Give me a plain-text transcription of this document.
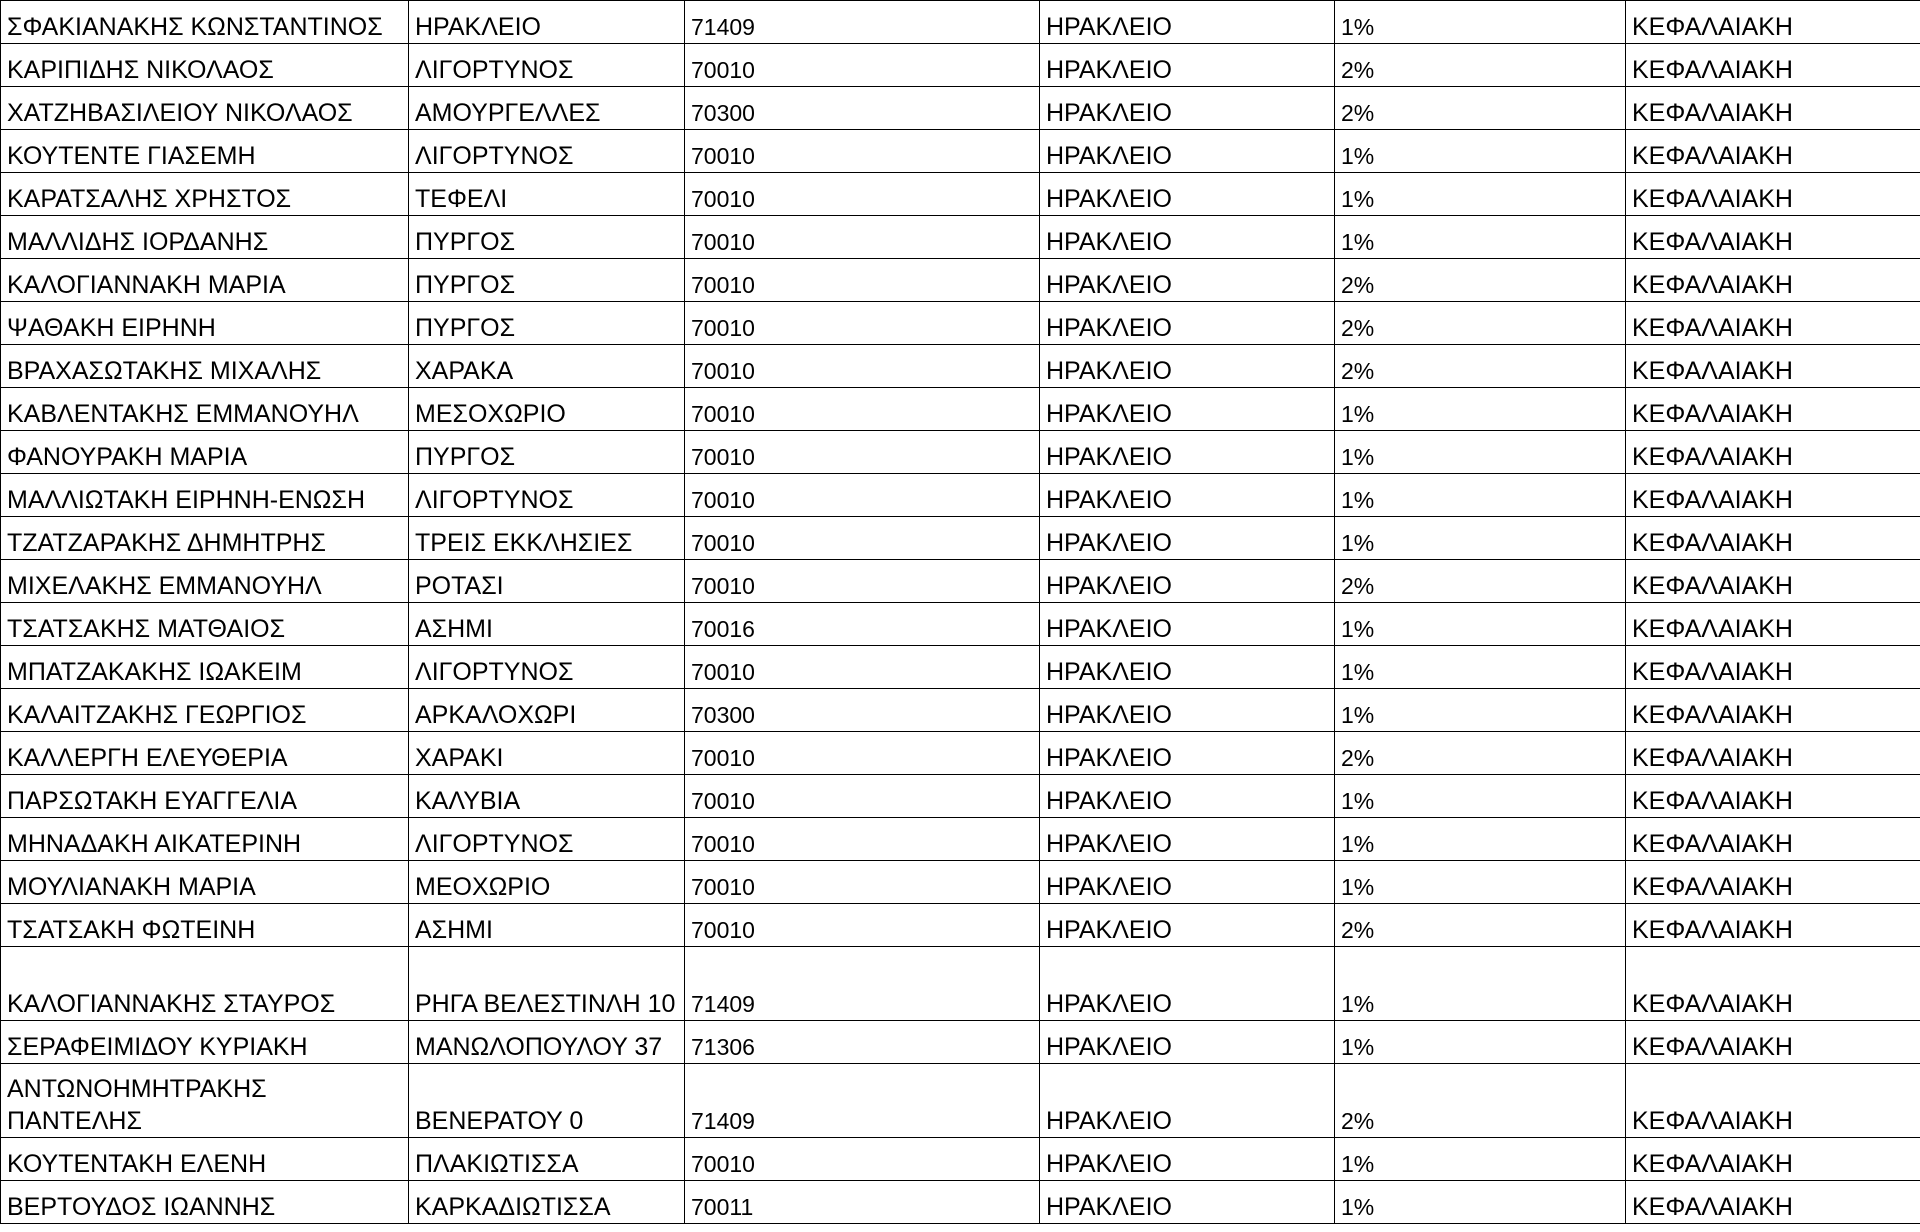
ΣΦΑΚΙΑΝΑΚΗΣ ΚΩΝΣΤΑΝΤΙΝΟΣ	ΗΡΑΚΛΕΙΟ	71409	ΗΡΑΚΛΕΙΟ	1%	ΚΕΦΑΛΑΙΑΚΗ
ΚΑΡΙΠΙΔΗΣ ΝΙΚΟΛΑΟΣ	ΛΙΓΟΡΤΥΝΟΣ	70010	ΗΡΑΚΛΕΙΟ	2%	ΚΕΦΑΛΑΙΑΚΗ
ΧΑΤΖΗΒΑΣΙΛΕΙΟΥ ΝΙΚΟΛΑΟΣ	ΑΜΟΥΡΓΕΛΛΕΣ	70300	ΗΡΑΚΛΕΙΟ	2%	ΚΕΦΑΛΑΙΑΚΗ
ΚΟΥΤΕΝΤΕ ΓΙΑΣΕΜΗ	ΛΙΓΟΡΤΥΝΟΣ	70010	ΗΡΑΚΛΕΙΟ	1%	ΚΕΦΑΛΑΙΑΚΗ
ΚΑΡΑΤΣΑΛΗΣ ΧΡΗΣΤΟΣ	ΤΕΦΕΛΙ	70010	ΗΡΑΚΛΕΙΟ	1%	ΚΕΦΑΛΑΙΑΚΗ
ΜΑΛΛΙΔΗΣ ΙΟΡΔΑΝΗΣ	ΠΥΡΓΟΣ	70010	ΗΡΑΚΛΕΙΟ	1%	ΚΕΦΑΛΑΙΑΚΗ
ΚΑΛΟΓΙΑΝΝΑΚΗ ΜΑΡΙΑ	ΠΥΡΓΟΣ	70010	ΗΡΑΚΛΕΙΟ	2%	ΚΕΦΑΛΑΙΑΚΗ
ΨΑΘΑΚΗ ΕΙΡΗΝΗ	ΠΥΡΓΟΣ	70010	ΗΡΑΚΛΕΙΟ	2%	ΚΕΦΑΛΑΙΑΚΗ
ΒΡΑΧΑΣΩΤΑΚΗΣ ΜΙΧΑΛΗΣ	ΧΑΡΑΚΑ	70010	ΗΡΑΚΛΕΙΟ	2%	ΚΕΦΑΛΑΙΑΚΗ
ΚΑΒΛΕΝΤΑΚΗΣ ΕΜΜΑΝΟΥΗΛ	ΜΕΣΟΧΩΡΙΟ	70010	ΗΡΑΚΛΕΙΟ	1%	ΚΕΦΑΛΑΙΑΚΗ
ΦΑΝΟΥΡΑΚΗ ΜΑΡΙΑ	ΠΥΡΓΟΣ	70010	ΗΡΑΚΛΕΙΟ	1%	ΚΕΦΑΛΑΙΑΚΗ
ΜΑΛΛΙΩΤΑΚΗ ΕΙΡΗΝΗ-ΕΝΩΣΗ	ΛΙΓΟΡΤΥΝΟΣ	70010	ΗΡΑΚΛΕΙΟ	1%	ΚΕΦΑΛΑΙΑΚΗ
ΤΖΑΤΖΑΡΑΚΗΣ ΔΗΜΗΤΡΗΣ	ΤΡΕΙΣ ΕΚΚΛΗΣΙΕΣ	70010	ΗΡΑΚΛΕΙΟ	1%	ΚΕΦΑΛΑΙΑΚΗ
ΜΙΧΕΛΑΚΗΣ ΕΜΜΑΝΟΥΗΛ	ΡΟΤΑΣΙ	70010	ΗΡΑΚΛΕΙΟ	2%	ΚΕΦΑΛΑΙΑΚΗ
ΤΣΑΤΣΑΚΗΣ ΜΑΤΘΑΙΟΣ	ΑΣΗΜΙ	70016	ΗΡΑΚΛΕΙΟ	1%	ΚΕΦΑΛΑΙΑΚΗ
ΜΠΑΤΖΑΚΑΚΗΣ ΙΩΑΚΕΙΜ	ΛΙΓΟΡΤΥΝΟΣ	70010	ΗΡΑΚΛΕΙΟ	1%	ΚΕΦΑΛΑΙΑΚΗ
ΚΑΛΑΙΤΖΑΚΗΣ ΓΕΩΡΓΙΟΣ	ΑΡΚΑΛΟΧΩΡΙ	70300	ΗΡΑΚΛΕΙΟ	1%	ΚΕΦΑΛΑΙΑΚΗ
ΚΑΛΛΕΡΓΗ ΕΛΕΥΘΕΡΙΑ	ΧΑΡΑΚΙ	70010	ΗΡΑΚΛΕΙΟ	2%	ΚΕΦΑΛΑΙΑΚΗ
ΠΑΡΣΩΤΑΚΗ ΕΥΑΓΓΕΛΙΑ	ΚΑΛΥΒΙΑ	70010	ΗΡΑΚΛΕΙΟ	1%	ΚΕΦΑΛΑΙΑΚΗ
ΜΗΝΑΔΑΚΗ ΑΙΚΑΤΕΡΙΝΗ	ΛΙΓΟΡΤΥΝΟΣ	70010	ΗΡΑΚΛΕΙΟ	1%	ΚΕΦΑΛΑΙΑΚΗ
ΜΟΥΛΙΑΝΑΚΗ ΜΑΡΙΑ	ΜΕΟΧΩΡΙΟ	70010	ΗΡΑΚΛΕΙΟ	1%	ΚΕΦΑΛΑΙΑΚΗ
ΤΣΑΤΣΑΚΗ ΦΩΤΕΙΝΗ	ΑΣΗΜΙ	70010	ΗΡΑΚΛΕΙΟ	2%	ΚΕΦΑΛΑΙΑΚΗ
ΚΑΛΟΓΙΑΝΝΑΚΗΣ ΣΤΑΥΡΟΣ	ΡΗΓΑ ΒΕΛΕΣΤΙΝΛΗ 10	71409	ΗΡΑΚΛΕΙΟ	1%	ΚΕΦΑΛΑΙΑΚΗ
ΣΕΡΑΦΕΙΜΙΔΟΥ ΚΥΡΙΑΚΗ	ΜΑΝΩΛΟΠΟΥΛΟΥ 37	71306	ΗΡΑΚΛΕΙΟ	1%	ΚΕΦΑΛΑΙΑΚΗ
ΑΝΤΩΝΟΗΜΗΤΡΑΚΗΣ ΠΑΝΤΕΛΗΣ	ΒΕΝΕΡΑΤΟΥ 0	71409	ΗΡΑΚΛΕΙΟ	2%	ΚΕΦΑΛΑΙΑΚΗ
ΚΟΥΤΕΝΤΑΚΗ ΕΛΕΝΗ	ΠΛΑΚΙΩΤΙΣΣΑ	70010	ΗΡΑΚΛΕΙΟ	1%	ΚΕΦΑΛΑΙΑΚΗ
ΒΕΡΤΟΥΔΟΣ ΙΩΑΝΝΗΣ	ΚΑΡΚΑΔΙΩΤΙΣΣΑ	70011	ΗΡΑΚΛΕΙΟ	1%	ΚΕΦΑΛΑΙΑΚΗ
